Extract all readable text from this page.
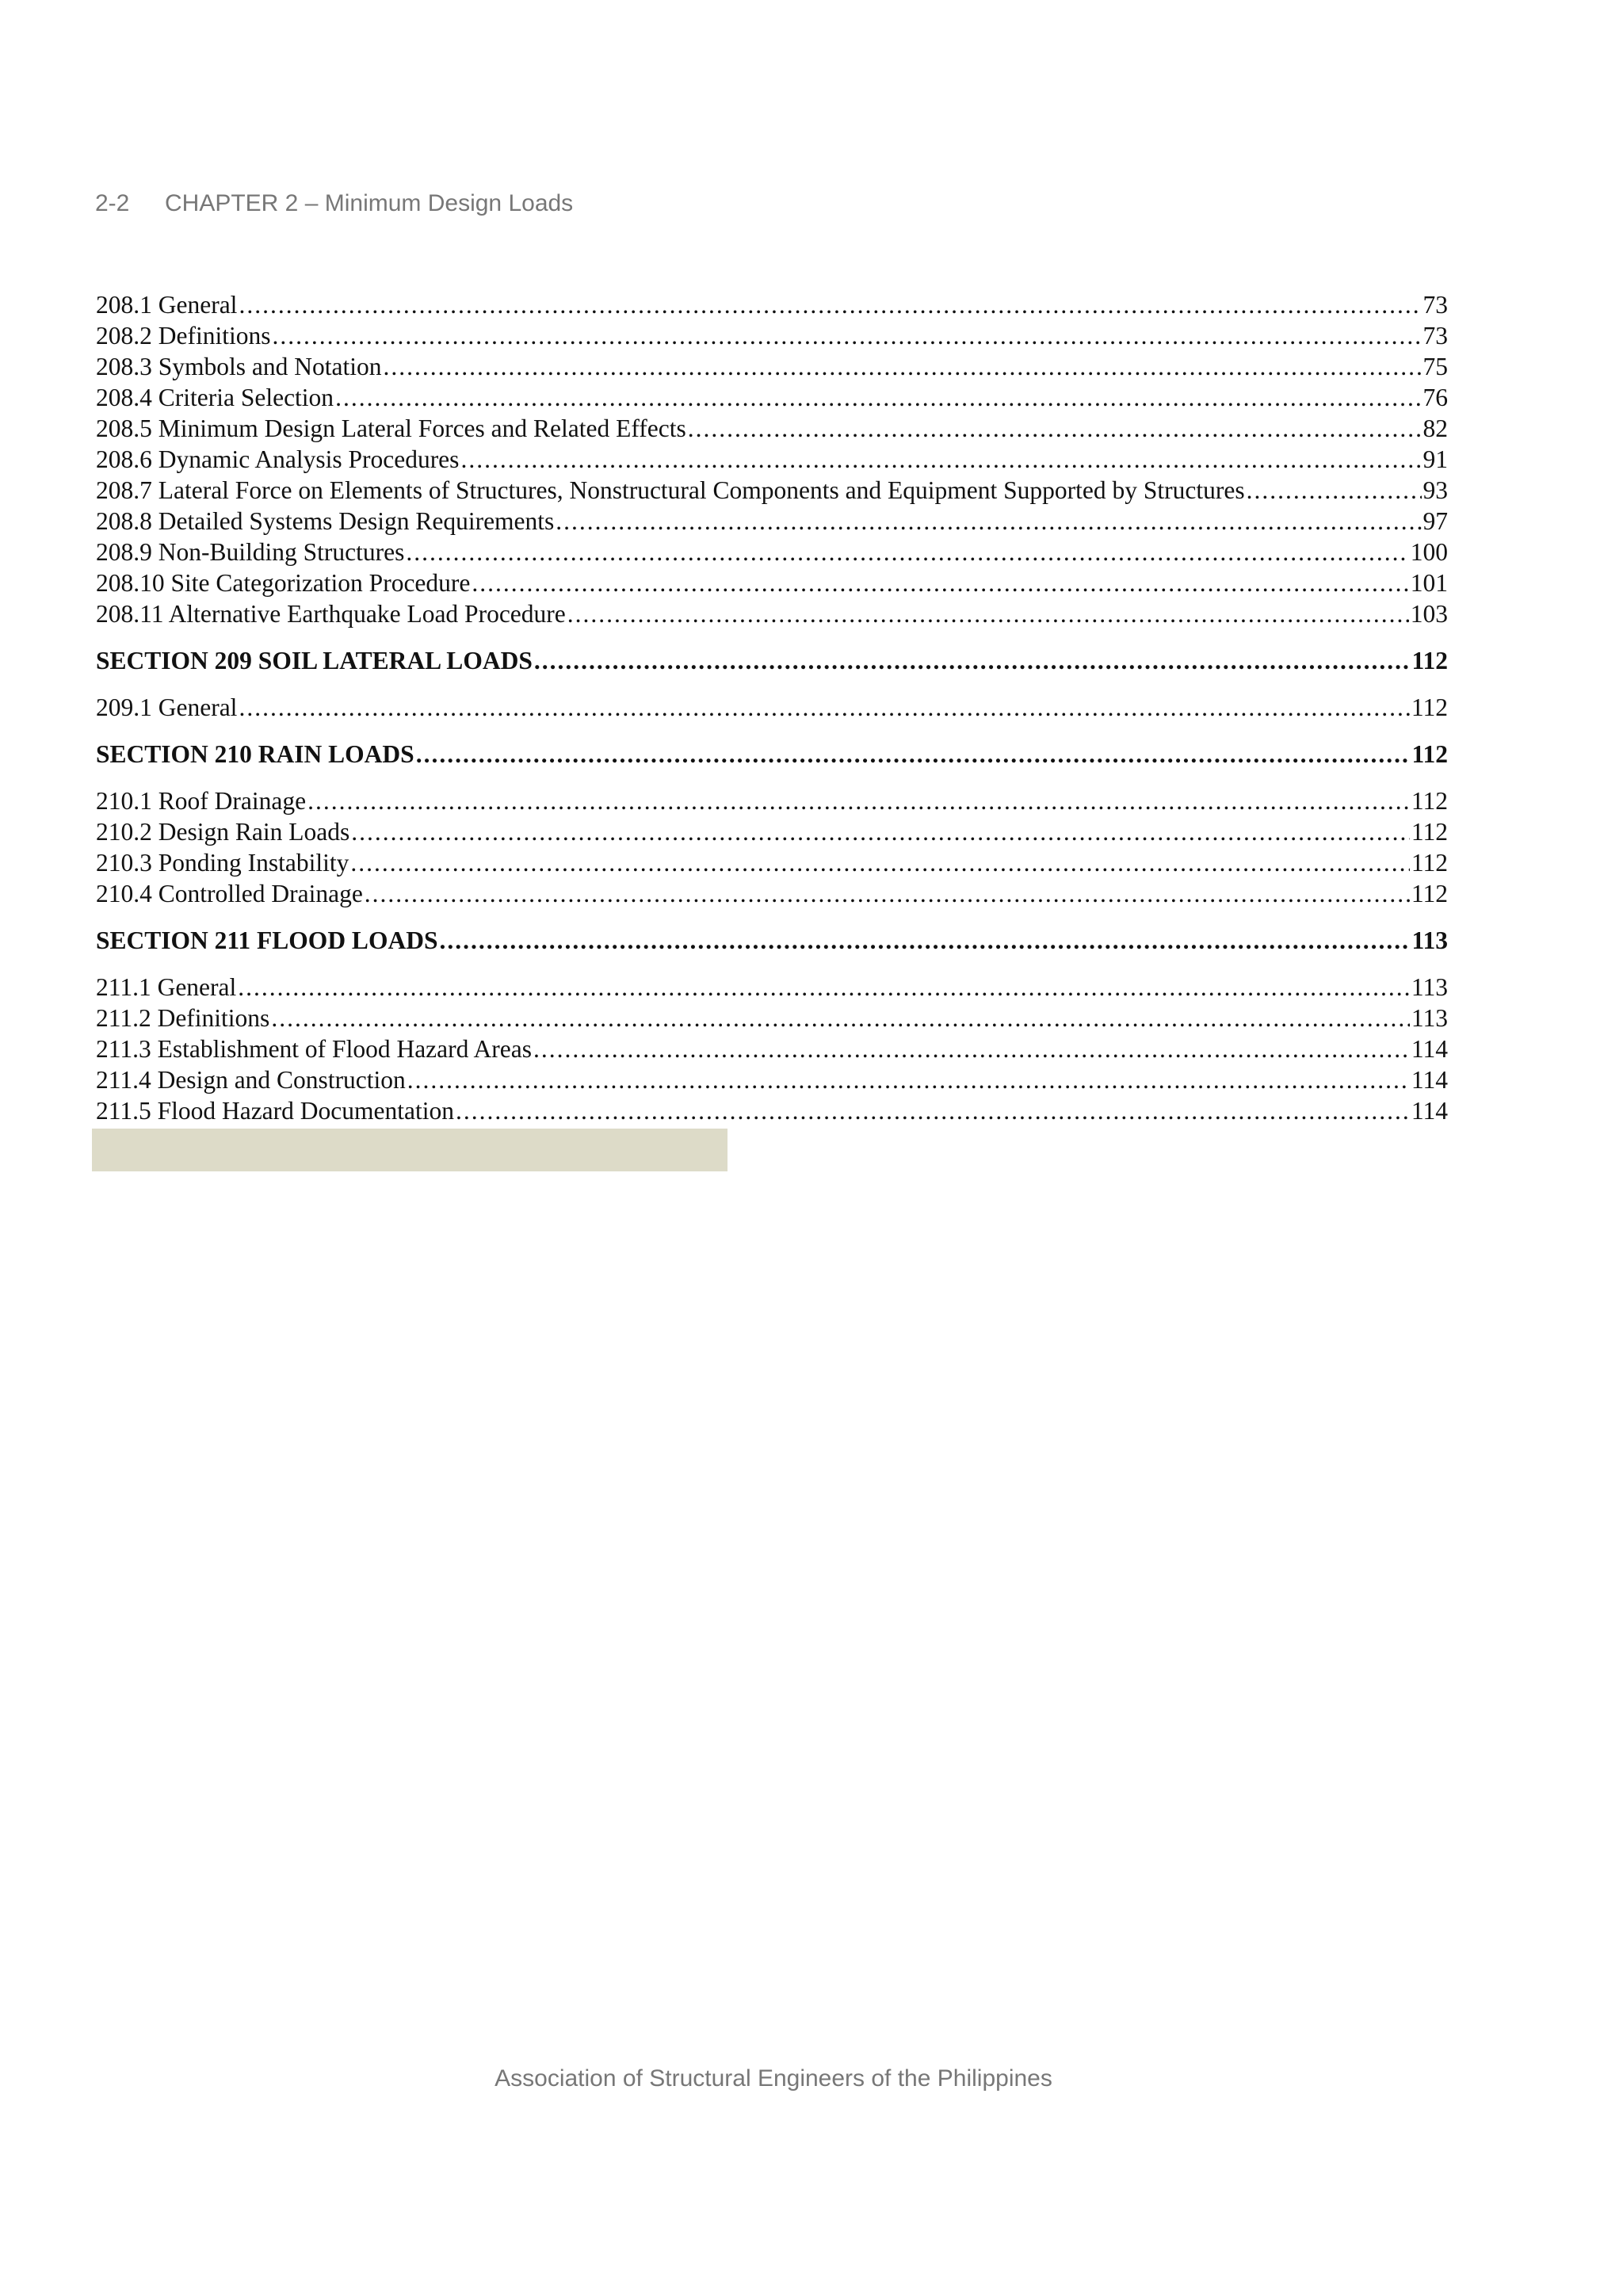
2-2 CHAPTER 2 – Minimum Design Loads
208.1 General .....	73
208.2 Definitions .....	73
208.3 Symbols and Notation .....	75
208.4 Criteria Selection .....	76
208.5 Minimum Design Lateral Forces and Related Effects .....	82
208.6 Dynamic Analysis Procedures .....	91
208.7 Lateral Force on Elements of Structures, Nonstructural Components and Equipment Supported by Structures .....	93
208.8 Detailed Systems Design Requirements .....	97
208.9 Non-Building Structures .....	100
208.10 Site Categorization Procedure .....	101
208.11 Alternative Earthquake Load Procedure .....	103
SECTION 209 SOIL LATERAL LOADS .....	112
209.1 General .....	112
SECTION 210 RAIN LOADS .....	112
210.1 Roof Drainage .....	112
210.2 Design Rain Loads .....	112
210.3 Ponding Instability .....	112
210.4 Controlled Drainage .....	112
SECTION 211 FLOOD LOADS .....	113
211.1 General .....	113
211.2 Definitions .....	113
211.3 Establishment of Flood Hazard Areas .....	114
211.4 Design and Construction .....	114
211.5 Flood Hazard Documentation .....	114
Association of Structural Engineers of the Philippines
